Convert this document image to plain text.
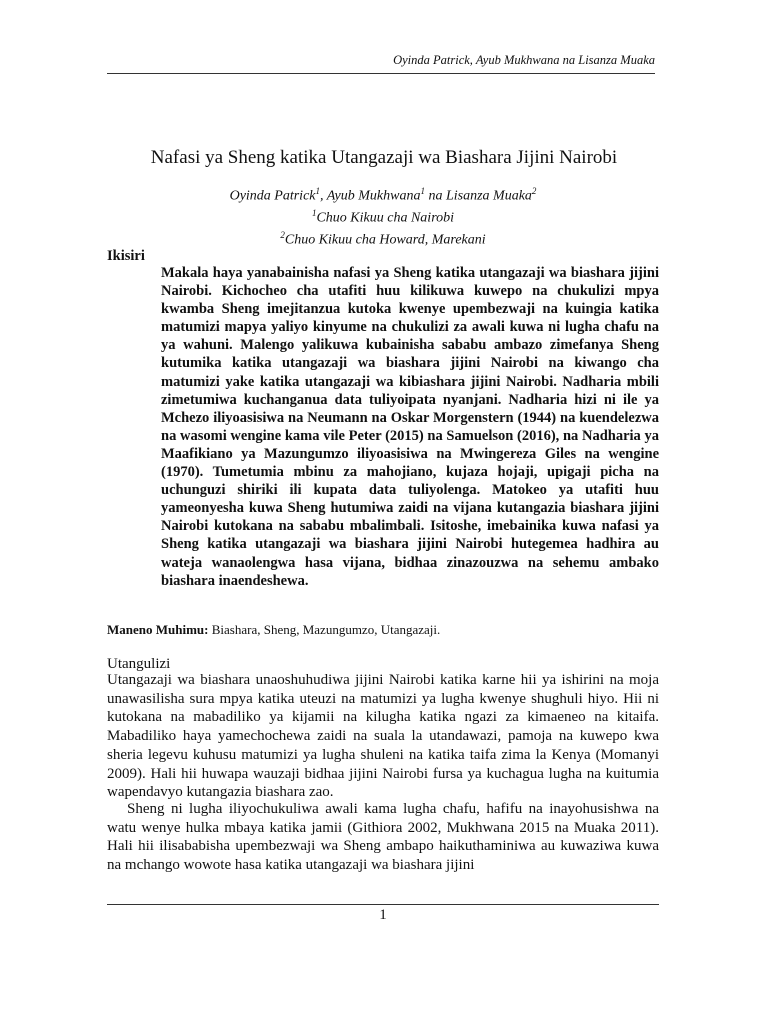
Oyinda Patrick, Ayub Mukhwana na Lisanza Muaka
Nafasi ya Sheng katika Utangazaji wa Biashara Jijini Nairobi
Oyinda Patrick$^1$, Ayub Mukhwana$^1$ na Lisanza Muaka$^2$
$^1$Chuo Kikuu cha Nairobi
$^2$Chuo Kikuu cha Howard, Marekani
Ikisiri

Makala haya yanabainisha nafasi ya Sheng katika utangazaji wa biashara jijini Nairobi. Kichocheo cha utafiti huu kilikuwa kuwepo na chukulizi mpya kwamba Sheng imejitanzua kutoka kwenye upembezwaji na kuingia katika matumizi mapya yaliyo kinyume na chukulizi za awali kuwa ni lugha chafu na ya wahuni. Malengo yalikuwa kubainisha sababu ambazo zimefanya Sheng kutumika katika utangazaji wa biashara jijini Nairobi na kiwango cha matumizi yake katika utangazaji wa kibiashara jijini Nairobi. Nadharia mbili zimetumiwa kuchanganua data tuliyoipata nyanjani. Nadharia hizi ni ile ya Mchezo iliyoasisiwa na Neumann na Oskar Morgenstern (1944) na kuendelezwa na wasomi wengine kama vile Peter (2015) na Samuelson (2016), na Nadharia ya Maafikiano ya Mazungumzo iliyoasisiwa na Mwingereza Giles na wengine (1970). Tumetumia mbinu za mahojiano, kujaza hojaji, upigaji picha na uchunguzi shiriki ili kupata data tuliyolenga. Matokeo ya utafiti huu yameonyesha kuwa Sheng hutumiwa zaidi na vijana kutangazia biashara jijini Nairobi kutokana na sababu mbalimbali. Isitoshe, imebainika kuwa nafasi ya Sheng katika utangazaji wa biashara jijini Nairobi hutegemea hadhira au wateja wanaolengwa hasa vijana, bidhaa zinazouzwa na sehemu ambako biashara inaendeshewa.

Maneno Muhimu: Biashara, Sheng, Mazungumzo, Utangazaji.
Utangulizi

Utangazaji wa biashara unaoshuhudiwa jijini Nairobi katika karne hii ya ishirini na moja unawasilisha sura mpya katika uteuzi na matumizi ya lugha kwenye shughuli hiyo. Hii ni kutokana na mabadiliko ya kijamii na kilugha katika ngazi za kimaeneo na kitaifa. Mabadiliko haya yamechochewa zaidi na suala la utandawazi, pamoja na kuwepo kwa sheria legevu kuhusu matumizi ya lugha shuleni na katika taifa zima la Kenya (Momanyi 2009). Hali hii huwapa wauzaji bidhaa jijini Nairobi fursa ya kuchagua lugha na kuitumia wapendavyo kutangazia biashara zao.

Sheng ni lugha iliyochukuliwa awali kama lugha chafu, hafifu na inayohusishwa na watu wenye hulka mbaya katika jamii (Githiora 2002, Mukhwana 2015 na Muaka 2011). Hali hii ilisababisha upembezwaji wa Sheng ambapo haikuthaminiwa au kuwaziwa kuwa na mchango wowote hasa katika utangazaji wa biashara jijini

1
